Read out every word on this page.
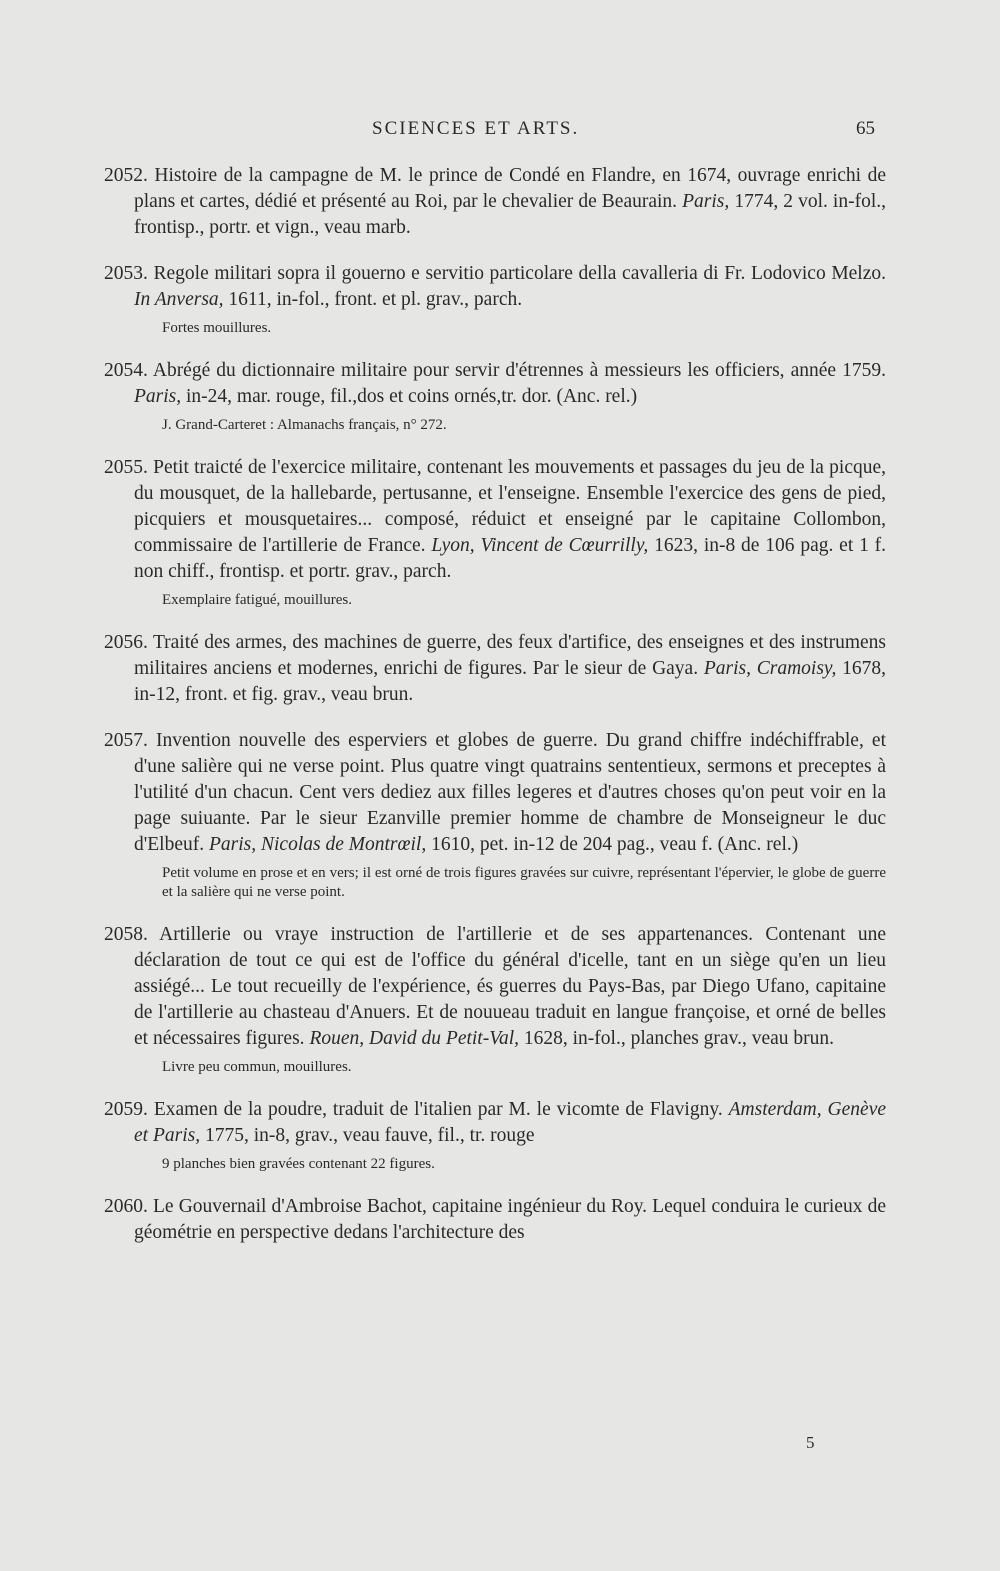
SCIENCES ET ARTS.	65
2052. Histoire de la campagne de M. le prince de Condé en Flandre, en 1674, ouvrage enrichi de plans et cartes, dédié et présenté au Roi, par le chevalier de Beaurain. Paris, 1774, 2 vol. in-fol., frontisp., portr. et vign., veau marb.
2053. Regole militari sopra il gouerno e servitio particolare della cavalleria di Fr. Lodovico Melzo. In Anversa, 1611, in-fol., front. et pl. grav., parch.
Fortes mouillures.
2054. Abrégé du dictionnaire militaire pour servir d'étrennes à messieurs les officiers, année 1759. Paris, in-24, mar. rouge, fil.,dos et coins ornés,tr. dor. (Anc. rel.)
J. Grand-Carteret : Almanachs français, n° 272.
2055. Petit traicté de l'exercice militaire, contenant les mouvements et passages du jeu de la picque, du mousquet, de la hallebarde, pertusanne, et l'enseigne. Ensemble l'exercice des gens de pied, picquiers et mousquetaires... composé, réduict et enseigné par le capitaine Collombon, commissaire de l'artillerie de France. Lyon, Vincent de Cœurrilly, 1623, in-8 de 106 pag. et 1 f. non chiff., frontisp. et portr. grav., parch.
Exemplaire fatigué, mouillures.
2056. Traité des armes, des machines de guerre, des feux d'artifice, des enseignes et des instrumens militaires anciens et modernes, enrichi de figures. Par le sieur de Gaya. Paris, Cramoisy, 1678, in-12, front. et fig. grav., veau brun.
2057. Invention nouvelle des esperviers et globes de guerre. Du grand chiffre indéchiffrable, et d'une salière qui ne verse point. Plus quatre vingt quatrains sententieux, sermons et preceptes à l'utilité d'un chacun. Cent vers dediez aux filles legeres et d'autres choses qu'on peut voir en la page suiuante. Par le sieur Ezanville premier homme de chambre de Monseigneur le duc d'Elbeuf. Paris, Nicolas de Montrœil, 1610, pet. in-12 de 204 pag., veau f. (Anc. rel.)
Petit volume en prose et en vers; il est orné de trois figures gravées sur cuivre, représentant l'épervier, le globe de guerre et la salière qui ne verse point.
2058. Artillerie ou vraye instruction de l'artillerie et de ses appartenances. Contenant une déclaration de tout ce qui est de l'office du général d'icelle, tant en un siège qu'en un lieu assiégé... Le tout recueilly de l'expérience, és guerres du Pays-Bas, par Diego Ufano, capitaine de l'artillerie au chasteau d'Anuers. Et de nouueau traduit en langue françoise, et orné de belles et nécessaires figures. Rouen, David du Petit-Val, 1628, in-fol., planches grav., veau brun.
Livre peu commun, mouillures.
2059. Examen de la poudre, traduit de l'italien par M. le vicomte de Flavigny. Amsterdam, Genève et Paris, 1775, in-8, grav., veau fauve, fil., tr. rouge
9 planches bien gravées contenant 22 figures.
2060. Le Gouvernail d'Ambroise Bachot, capitaine ingénieur du Roy. Lequel conduira le curieux de géométrie en perspective dedans l'architecture des
5
